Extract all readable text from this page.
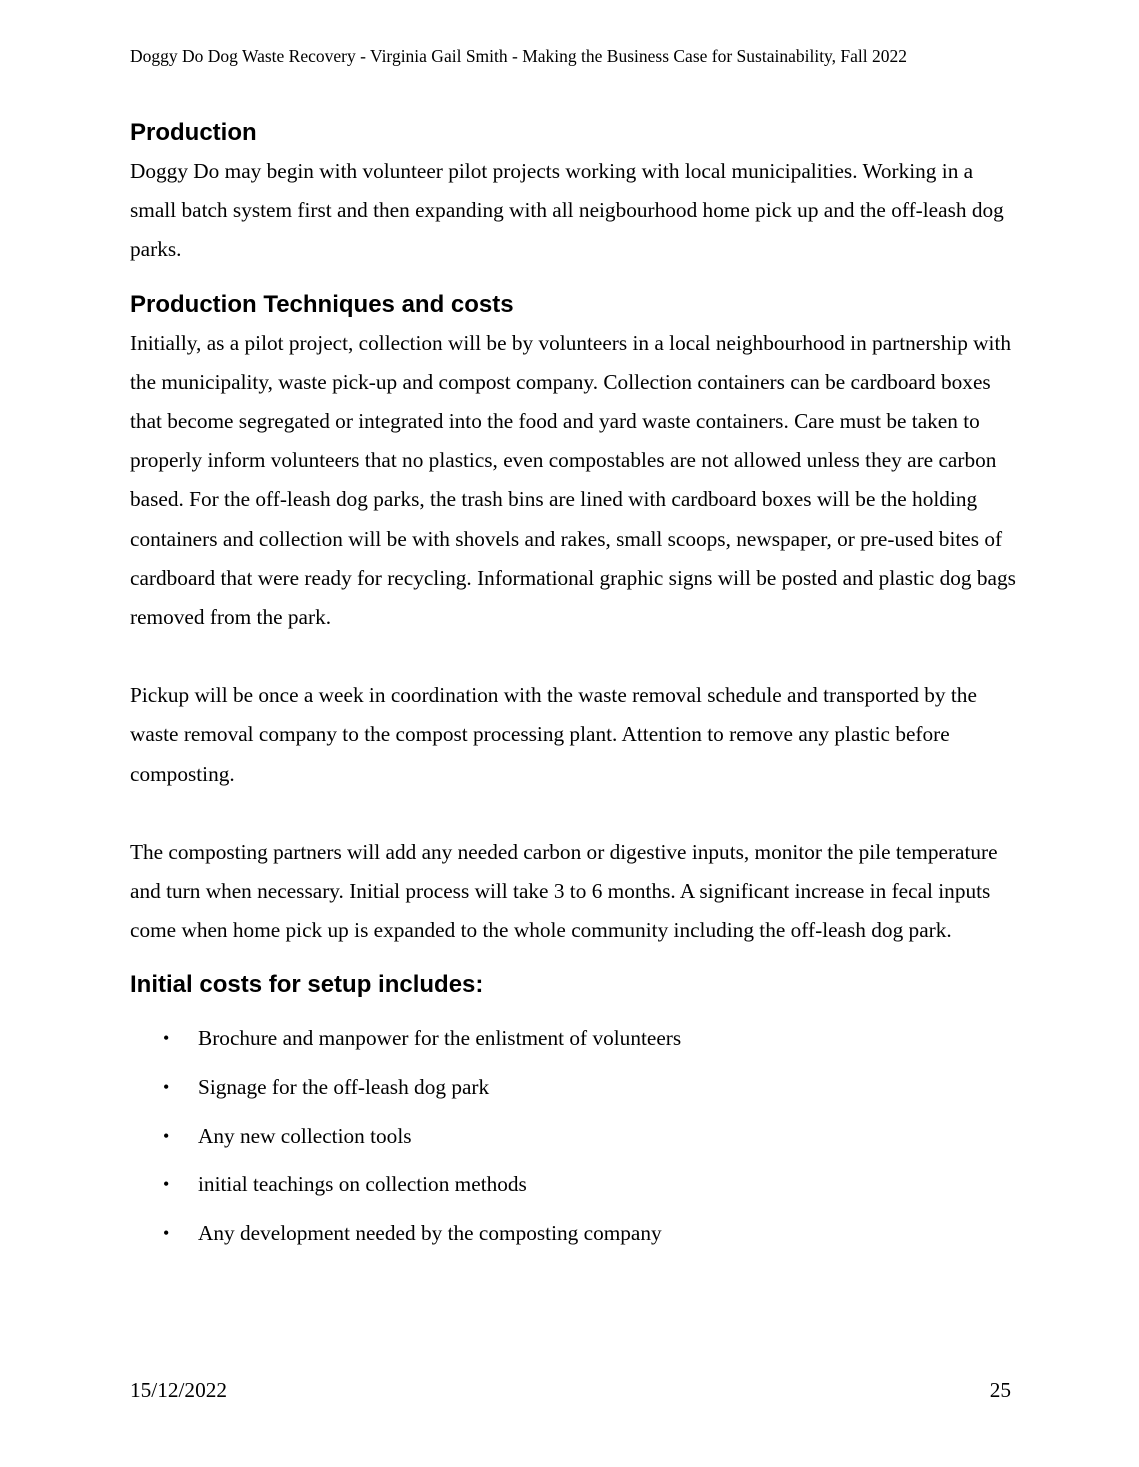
Doggy Do Dog Waste Recovery - Virginia Gail Smith - Making the Business Case for Sustainability, Fall 2022
Production

Doggy Do may begin with volunteer pilot projects working with local municipalities. Working in a small batch system first and then expanding with all neigbourhood home pick up and the off-leash dog parks.

Production Techniques and costs

Initially, as a pilot project, collection will be by volunteers in a local neighbourhood in partnership with the municipality, waste pick-up and compost company. Collection containers can be cardboard boxes that become segregated or integrated into the food and yard waste containers. Care must be taken to properly inform volunteers that no plastics, even compostables are not allowed unless they are carbon based. For the off-leash dog parks, the trash bins are lined with cardboard boxes will be the holding containers and collection will be with shovels and rakes, small scoops, newspaper, or pre-used bites of cardboard that were ready for recycling. Informational graphic signs will be posted and plastic dog bags removed from the park.

Pickup will be once a week in coordination with the waste removal schedule and transported by the waste removal company to the compost processing plant. Attention to remove any plastic before composting.

The composting partners will add any needed carbon or digestive inputs, monitor the pile temperature and turn when necessary. Initial process will take 3 to 6 months. A significant increase in fecal inputs come when home pick up is expanded to the whole community including the off-leash dog park.

Initial costs for setup includes:
• Brochure and manpower for the enlistment of volunteers
• Signage for the off-leash dog park
• Any new collection tools
• initial teachings on collection methods
• Any development needed by the composting company
15/12/2022	25
